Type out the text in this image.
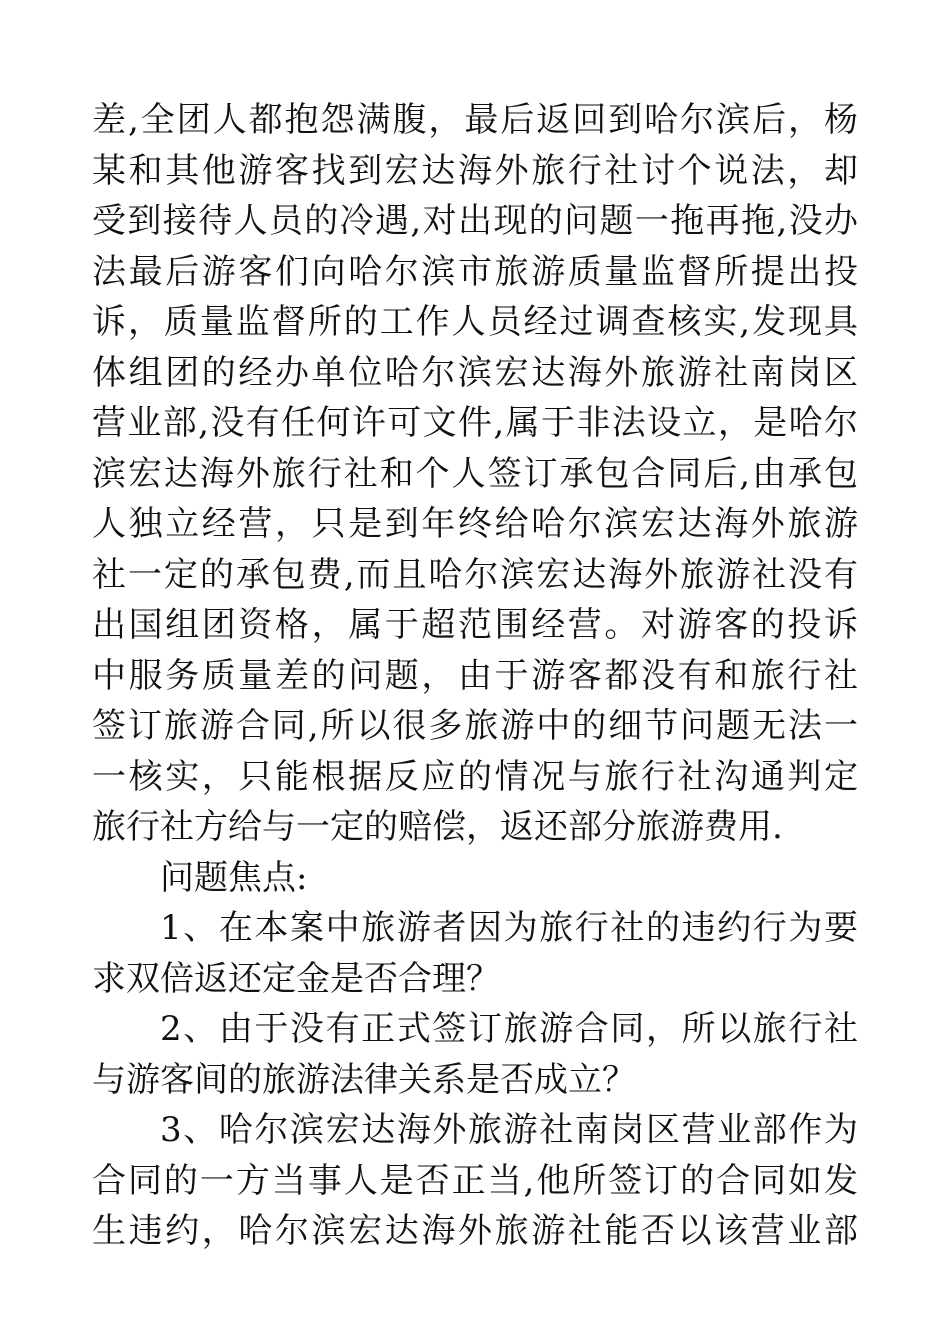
差,全团人都抱怨满腹，最后返回到哈尔滨后，杨
某和其他游客找到宏达海外旅行社讨个说法，却
受到接待人员的冷遇,对出现的问题一拖再拖,没办
法最后游客们向哈尔滨市旅游质量监督所提出投
诉，质量监督所的工作人员经过调查核实,发现具
体组团的经办单位哈尔滨宏达海外旅游社南岗区
营业部,没有任何许可文件,属于非法设立，是哈尔
滨宏达海外旅行社和个人签订承包合同后,由承包
人独立经营，只是到年终给哈尔滨宏达海外旅游
社一定的承包费,而且哈尔滨宏达海外旅游社没有
出国组团资格，属于超范围经营。对游客的投诉
中服务质量差的问题，由于游客都没有和旅行社
签订旅游合同,所以很多旅游中的细节问题无法一
一核实，只能根据反应的情况与旅行社沟通判定
旅行社方给与一定的赔偿，返还部分旅游费用.
问题焦点:
1、在本案中旅游者因为旅行社的违约行为要
求双倍返还定金是否合理？
2、由于没有正式签订旅游合同，所以旅行社
与游客间的旅游法律关系是否成立？
3、哈尔滨宏达海外旅游社南岗区营业部作为
合同的一方当事人是否正当,他所签订的合同如发
生违约，哈尔滨宏达海外旅游社能否以该营业部
